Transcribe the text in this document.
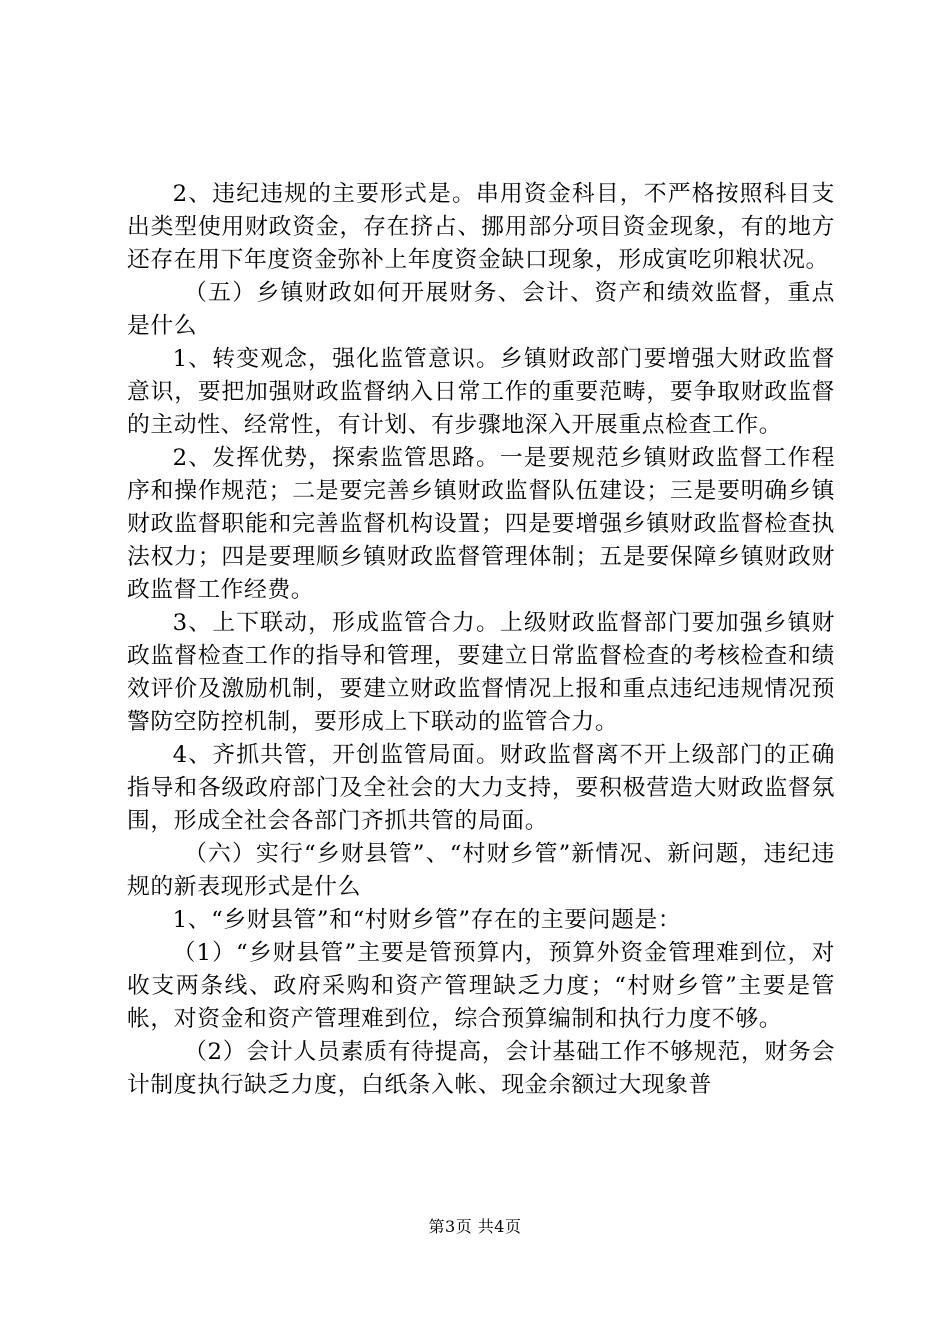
2、违纪违规的主要形式是。串用资金科目，不严格按照科目支出类型使用财政资金，存在挤占、挪用部分项目资金现象，有的地方还存在用下年度资金弥补上年度资金缺口现象，形成寅吃卯粮状况。

（五）乡镇财政如何开展财务、会计、资产和绩效监督，重点是什么

1、转变观念，强化监管意识。乡镇财政部门要增强大财政监督意识，要把加强财政监督纳入日常工作的重要范畴，要争取财政监督的主动性、经常性，有计划、有步骤地深入开展重点检查工作。

2、发挥优势，探索监管思路。一是要规范乡镇财政监督工作程序和操作规范；二是要完善乡镇财政监督队伍建设；三是要明确乡镇财政监督职能和完善监督机构设置；四是要增强乡镇财政监督检查执法权力；四是要理顺乡镇财政监督管理体制；五是要保障乡镇财政财政监督工作经费。

3、上下联动，形成监管合力。上级财政监督部门要加强乡镇财政监督检查工作的指导和管理，要建立日常监督检查的考核检查和绩效评价及激励机制，要建立财政监督情况上报和重点违纪违规情况预警防空防控机制，要形成上下联动的监管合力。

4、齐抓共管，开创监管局面。财政监督离不开上级部门的正确指导和各级政府部门及全社会的大力支持，要积极营造大财政监督氛围，形成全社会各部门齐抓共管的局面。

（六）实行“乡财县管”、“村财乡管”新情况、新问题，违纪违规的新表现形式是什么

1、“乡财县管”和“村财乡管”存在的主要问题是：

（1）“乡财县管”主要是管预算内，预算外资金管理难到位，对收支两条线、政府采购和资产管理缺乏力度；“村财乡管”主要是管帐，对资金和资产管理难到位，综合预算编制和执行力度不够。

（2）会计人员素质有待提高，会计基础工作不够规范，财务会计制度执行缺乏力度，白纸条入帐、现金余额过大现象普

第3页 共4页
